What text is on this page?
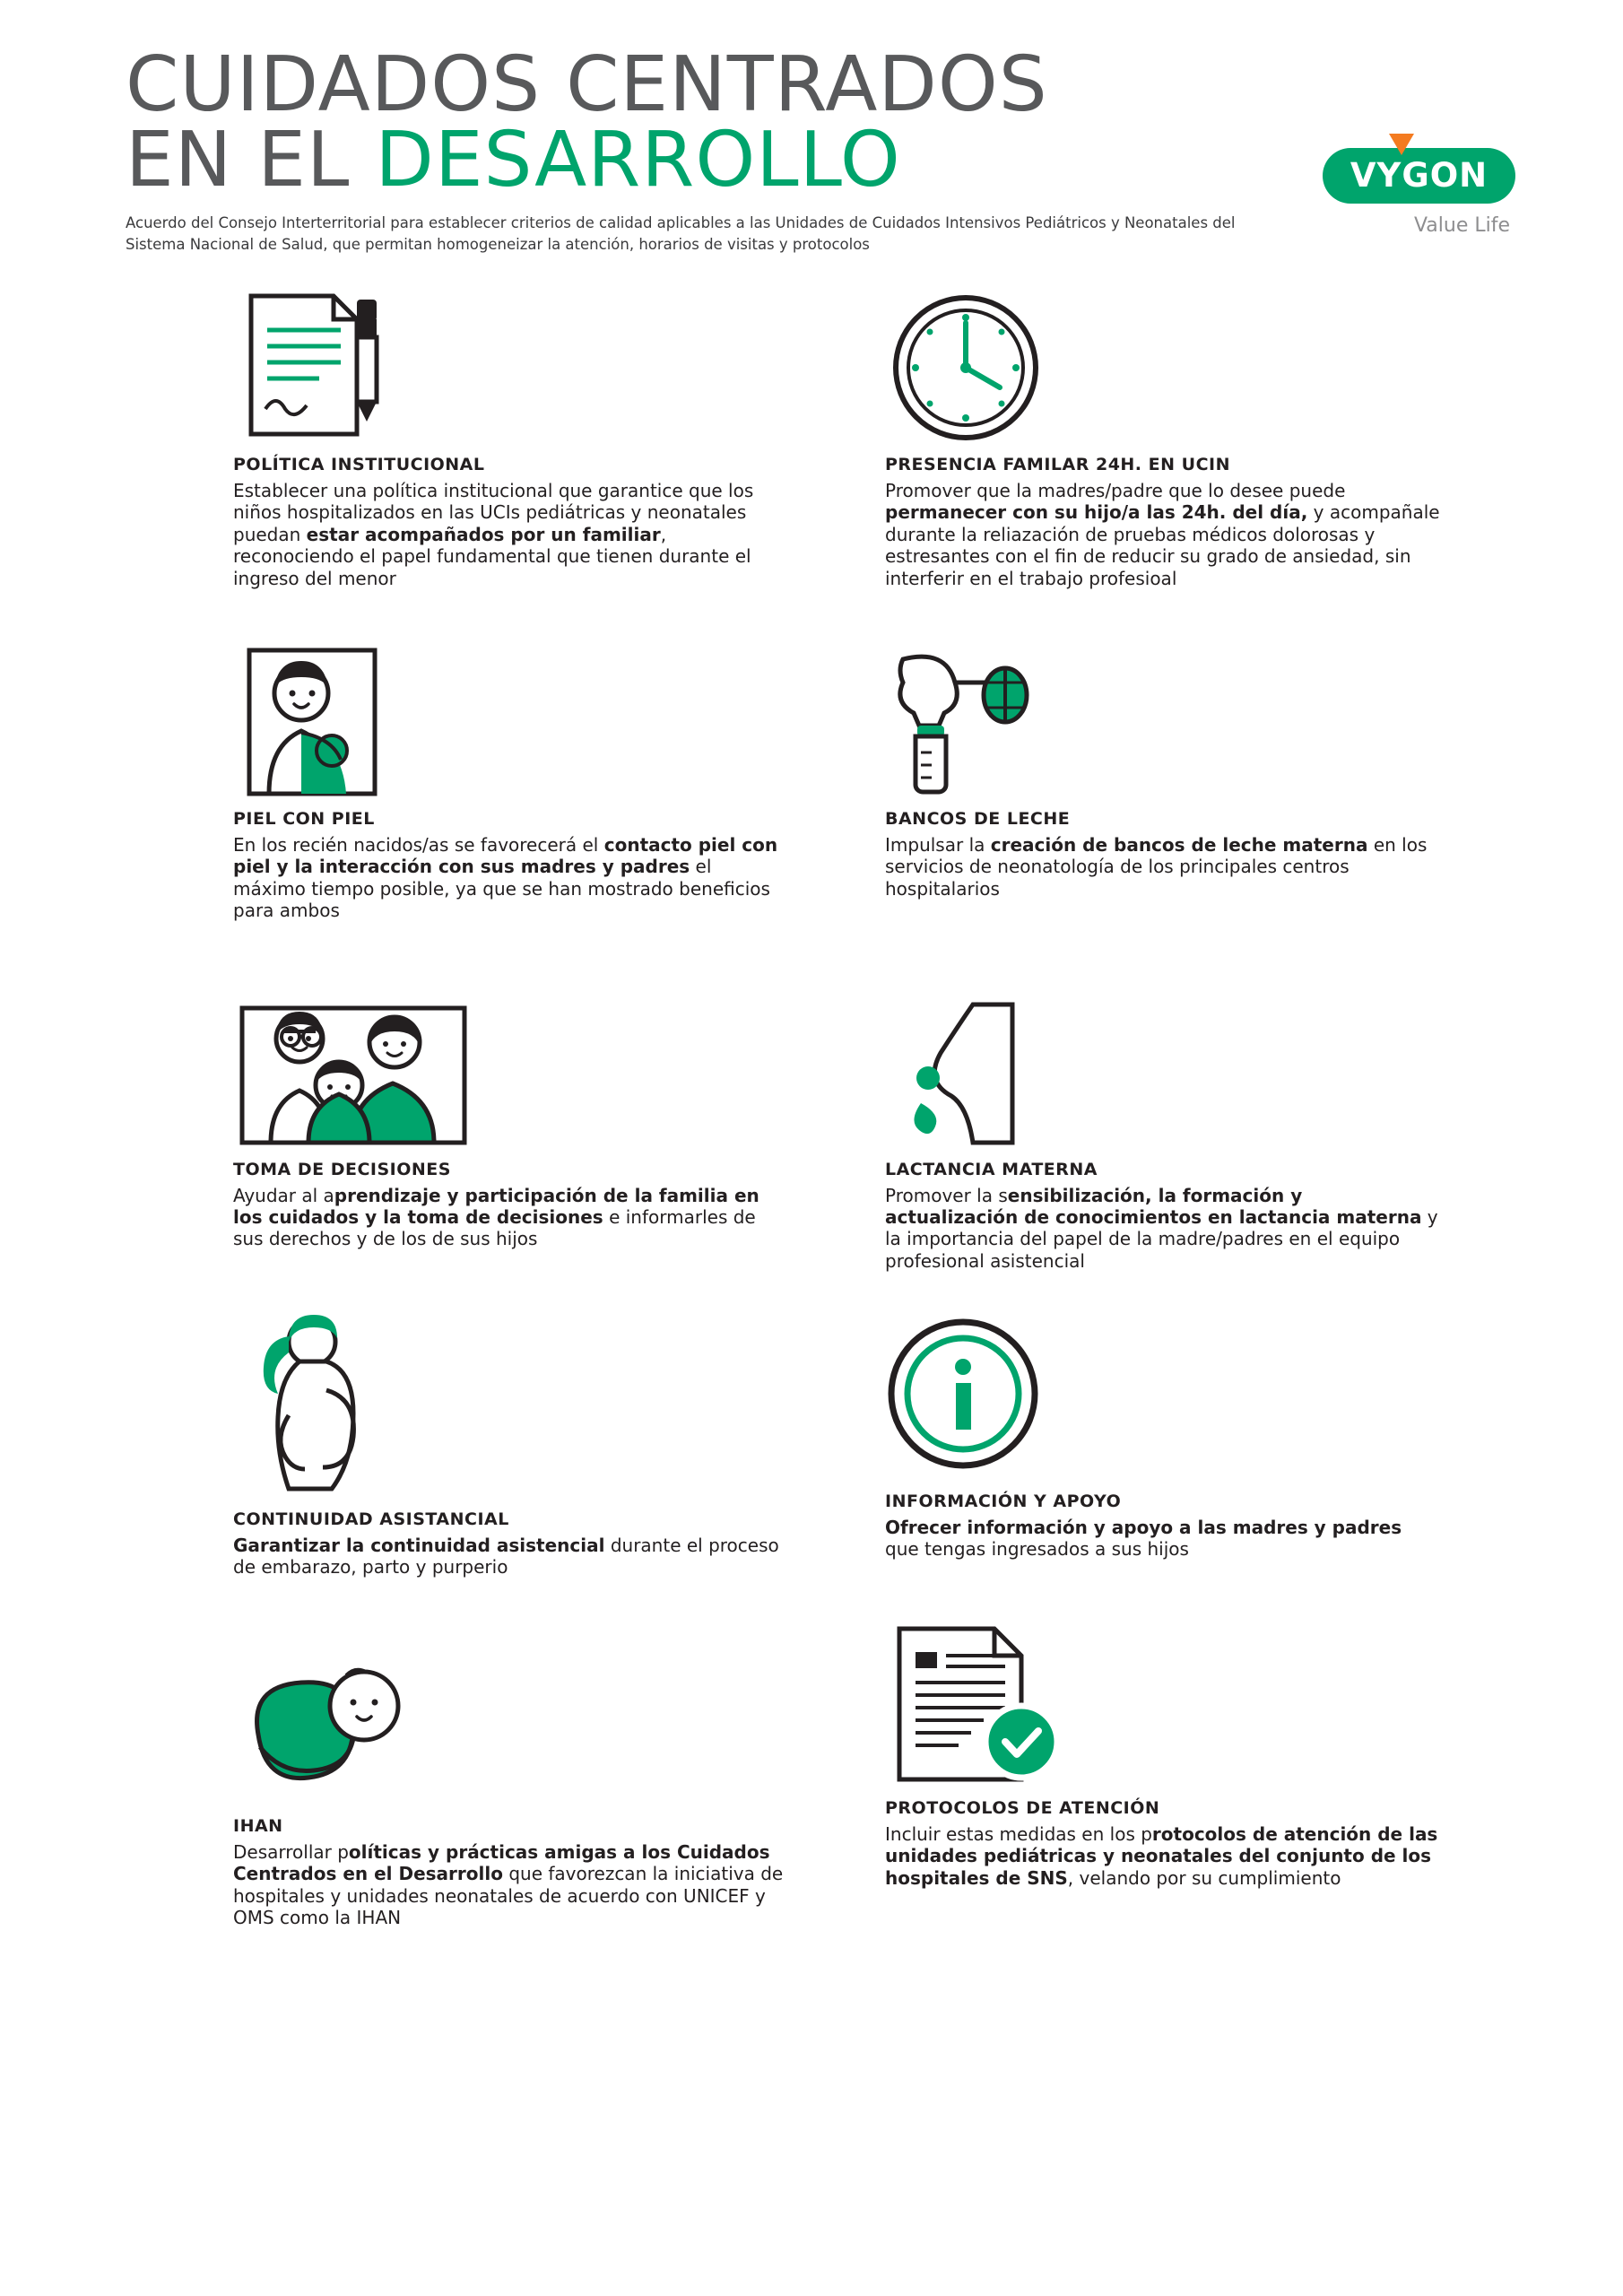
CUIDADOS CENTRADOS
EN EL DESARROLLO
Acuerdo del Consejo Interterritorial para establecer criterios de calidad aplicables a las Unidades de Cuidados Intensivos Pediátricos y Neonatales del Sistema Nacional de Salud, que permitan homogeneizar la atención, horarios de visitas y protocolos
VYGON
Value Life
POLÍTICA INSTITUCIONAL
Establecer una política institucional que garantice que los niños hospitalizados en las UCIs pediátricas y neonatales puedan estar acompañados por un familiar, reconociendo el papel fundamental que tienen durante el ingreso del menor
PRESENCIA FAMILAR 24H. EN UCIN
Promover que la madres/padre que lo desee puede permanecer con su hijo/a las 24h. del día, y acompañale durante la reliazación de pruebas médicos dolorosas y estresantes con el fin de reducir su grado de ansiedad, sin interferir en el trabajo profesioal
PIEL CON PIEL
En los recién nacidos/as se favorecerá el contacto piel con piel y la interacción con sus madres y padres el máximo tiempo posible, ya que se han mostrado beneficios para ambos
BANCOS DE LECHE
Impulsar la creación de bancos de leche materna en los servicios de neonatología de los principales centros hospitalarios
TOMA DE DECISIONES
Ayudar al aprendizaje y participación de la familia en los cuidados y la toma de decisiones e informarles de sus derechos y de los de sus hijos
LACTANCIA MATERNA
Promover la sensibilización, la formación y actualización de conocimientos en lactancia materna y la importancia del papel de la madre/padres en el equipo profesional asistencial
CONTINUIDAD ASISTANCIAL
Garantizar la continuidad asistencial durante el proceso de embarazo, parto y purperio
INFORMACIÓN Y APOYO
Ofrecer información y apoyo a las madres y padres que tengas ingresados a sus hijos
IHAN
Desarrollar políticas y prácticas amigas a los Cuidados Centrados en el Desarrollo que favorezcan la iniciativa de hospitales y unidades neonatales de acuerdo con UNICEF y OMS como la IHAN
PROTOCOLOS DE ATENCIÓN
Incluir estas medidas en los protocolos de atención de las unidades pediátricas y neonatales del conjunto de los hospitales de SNS, velando por su cumplimiento
